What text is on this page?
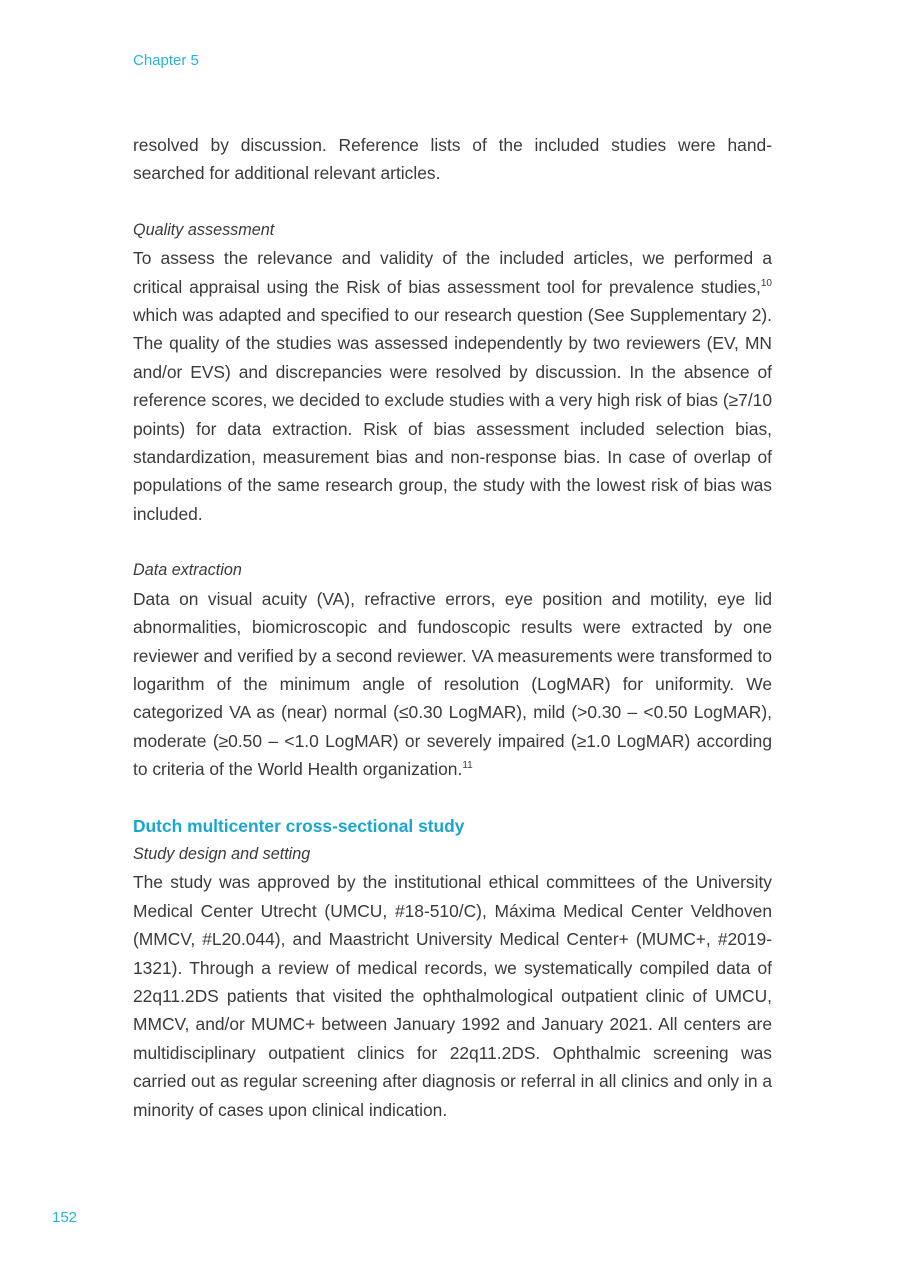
Chapter 5

resolved by discussion. Reference lists of the included studies were hand-searched for additional relevant articles.

Quality assessment

To assess the relevance and validity of the included articles, we performed a critical appraisal using the Risk of bias assessment tool for prevalence studies,$^{10}$ which was adapted and specified to our research question (See Supplementary 2). The quality of the studies was assessed independently by two reviewers (EV, MN and/or EVS) and discrepancies were resolved by discussion. In the absence of reference scores, we decided to exclude studies with a very high risk of bias (≥7/10 points) for data extraction. Risk of bias assessment included selection bias, standardization, measurement bias and non-response bias. In case of overlap of populations of the same research group, the study with the lowest risk of bias was included.

Data extraction

Data on visual acuity (VA), refractive errors, eye position and motility, eye lid abnormalities, biomicroscopic and fundoscopic results were extracted by one reviewer and verified by a second reviewer. VA measurements were transformed to logarithm of the minimum angle of resolution (LogMAR) for uniformity. We categorized VA as (near) normal (≤0.30 LogMAR), mild (>0.30 – <0.50 LogMAR), moderate (≥0.50 – <1.0 LogMAR) or severely impaired (≥1.0 LogMAR) according to criteria of the World Health organization.$^{11}$

Dutch multicenter cross-sectional study

Study design and setting

The study was approved by the institutional ethical committees of the University Medical Center Utrecht (UMCU, #18-510/C), Máxima Medical Center Veldhoven (MMCV, #L20.044), and Maastricht University Medical Center+ (MUMC+, #2019-1321). Through a review of medical records, we systematically compiled data of 22q11.2DS patients that visited the ophthalmological outpatient clinic of UMCU, MMCV, and/or MUMC+ between January 1992 and January 2021. All centers are multidisciplinary outpatient clinics for 22q11.2DS. Ophthalmic screening was carried out as regular screening after diagnosis or referral in all clinics and only in a minority of cases upon clinical indication.

152
